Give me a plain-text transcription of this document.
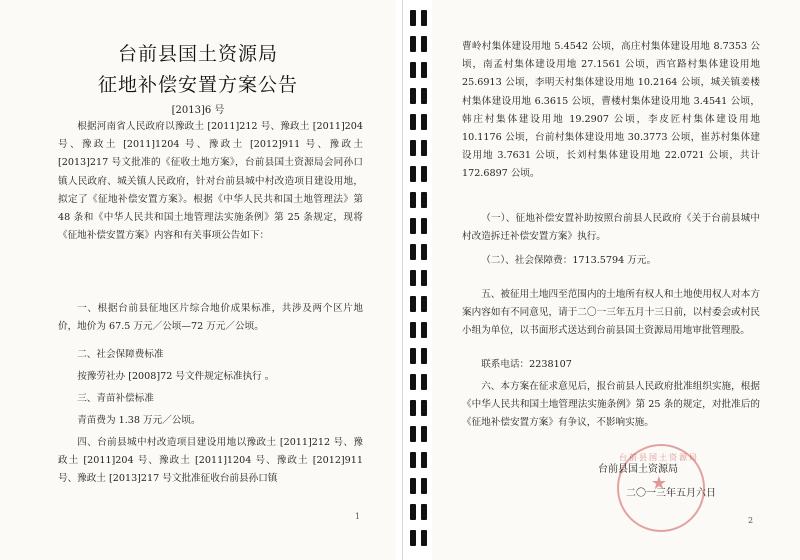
台前县国土资源局
征地补偿安置方案公告
[2013]6 号
根据河南省人民政府以豫政土 [2011]212 号、豫政土 [2011]204 号、豫政土 [2011]1204 号、豫政土 [2012]911 号、豫政土 [2013]217 号文批准的《征收土地方案》，台前县国土资源局会同孙口镇人民政府、城关镇人民政府，针对台前县城中村改造项目建设用地，拟定了《征地补偿安置方案》。根据《中华人民共和国土地管理法》第 48 条和《中华人民共和国土地管理法实施条例》第 25 条规定，现将《征地补偿安置方案》内容和有关事项公告如下：
一、根据台前县征地区片综合地价成果标准，共涉及两个区片地价，地价为 67.5 万元／公顷—72 万元／公顷。
二、社会保障费标准
按豫劳社办 [2008]72 号文件规定标准执行 。
三、青苗补偿标准
青苗费为 1.38 万元／公顷。
四、台前县城中村改造项目建设用地以豫政土 [2011]212 号、豫政土 [2011]204 号、豫政土 [2011]1204 号、豫政土 [2012]911 号、豫政土 [2013]217 号文批准征收台前县孙口镇
1
曹岭村集体建设用地 5.4542 公顷，高庄村集体建设用地 8.7353 公顷，南孟村集体建设用地 27.1561 公顷，西官路村集体建设用地 25.6913 公顷，李明天村集体建设用地 10.2164 公顷，城关镇姜楼村集体建设用地 6.3615 公顷，曹楼村集体建设用地 3.4541 公顷，韩庄村集体建设用地 19.2907 公顷，李皮匠村集体建设用地 10.1176 公顷，台前村集体建设用地 30.3773 公顷，崔苏村集体建设用地 3.7631 公顷，长刘村集体建设用地 22.0721 公顷，共计 172.6897 公顷。
（一）、征地补偿安置补助按照台前县人民政府《关于台前县城中村改造拆迁补偿安置方案》执行。
（二）、社会保障费：1713.5794 万元。
五、被征用土地四至范围内的土地所有权人和土地使用权人对本方案内容如有不同意见，请于二〇一三年五月十三日前，以村委会或村民小组为单位，以书面形式送达到台前县国土资源局用地审批管理股。
联系电话：2238107
六、本方案在征求意见后，报台前县人民政府批准组织实施，根据《中华人民共和国土地管理法实施条例》第 25 条的规定，对批准后的《征地补偿安置方案》有争议，不影响实施。
台前县国土资源局
★
台前县国土资源局
二〇一三年五月六日
2
